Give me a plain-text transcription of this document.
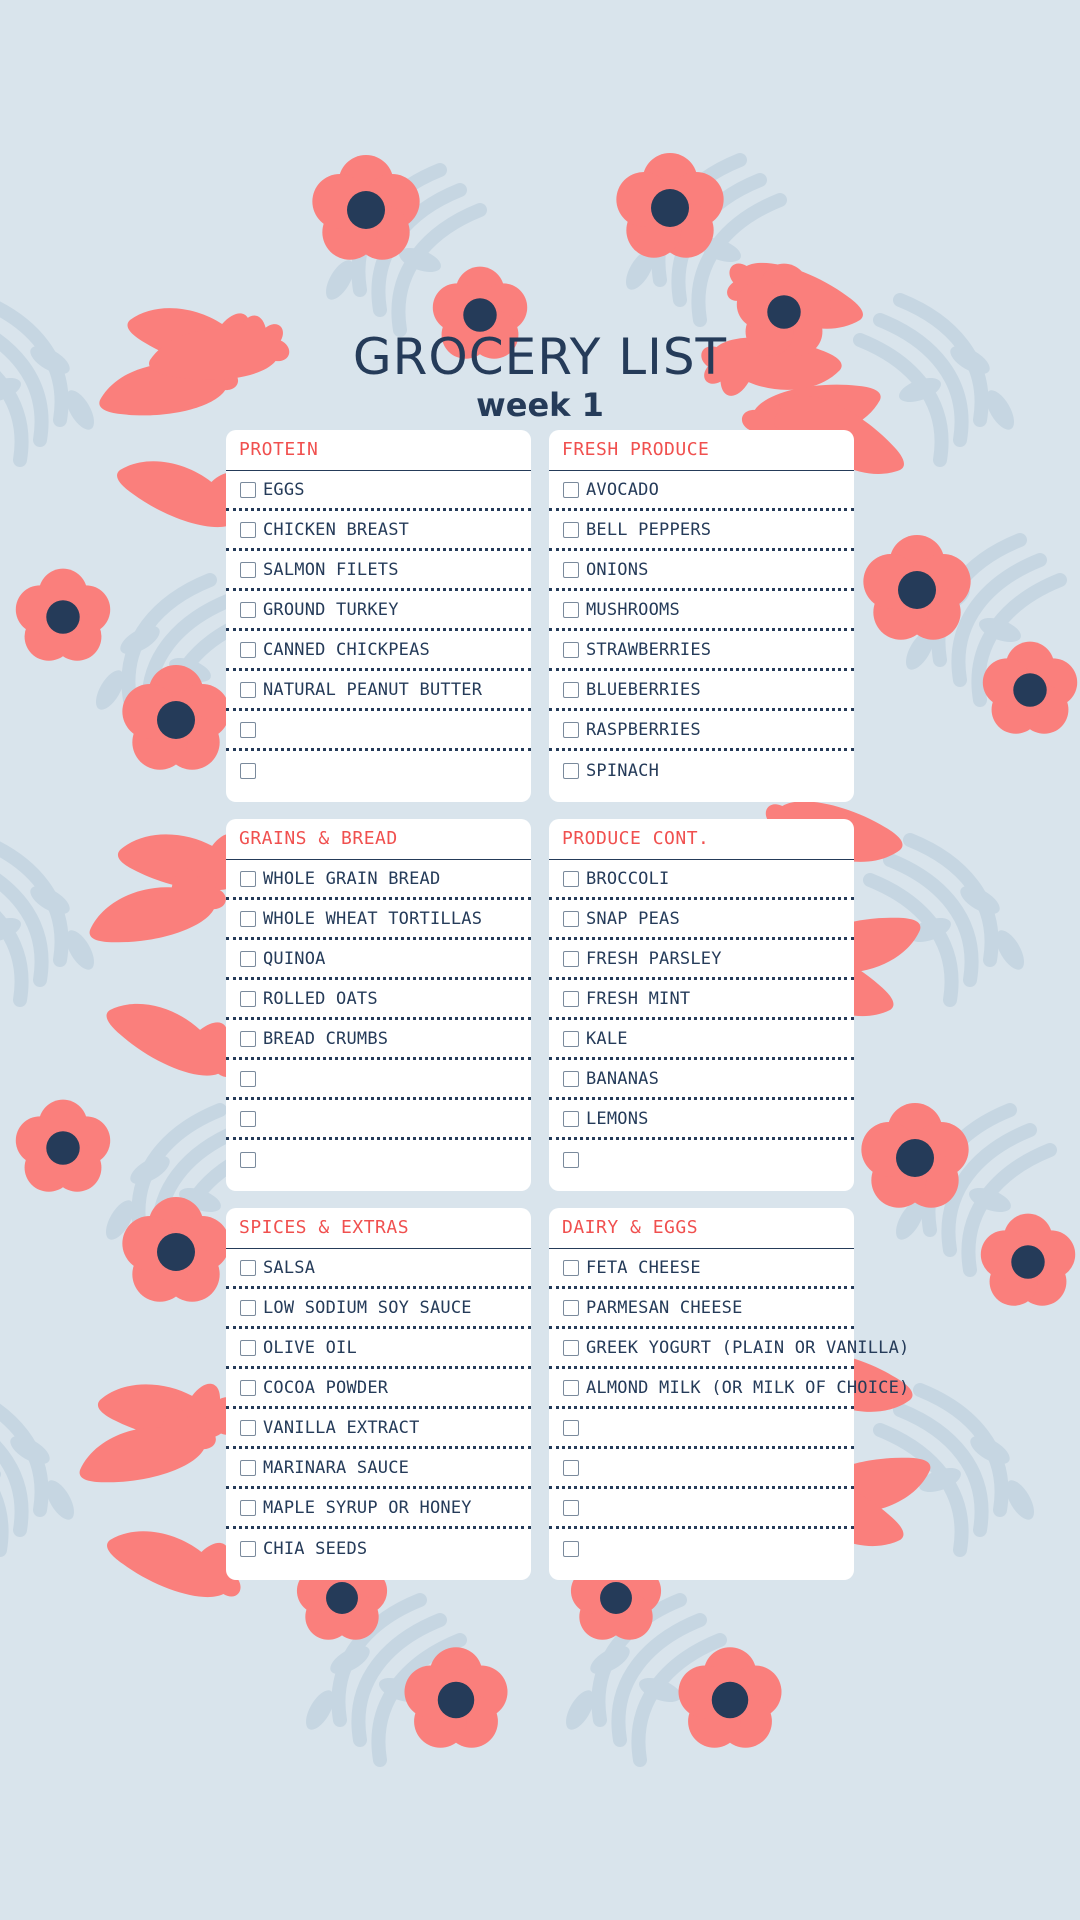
GROCERY LIST
week 1
PROTEIN
EGGS
CHICKEN BREAST
SALMON FILETS
GROUND TURKEY
CANNED CHICKPEAS
NATURAL PEANUT BUTTER
FRESH PRODUCE
AVOCADO
BELL PEPPERS
ONIONS
MUSHROOMS
STRAWBERRIES
BLUEBERRIES
RASPBERRIES
SPINACH
GRAINS & BREAD
WHOLE GRAIN BREAD
WHOLE WHEAT TORTILLAS
QUINOA
ROLLED OATS
BREAD CRUMBS
PRODUCE CONT.
BROCCOLI
SNAP PEAS
FRESH PARSLEY
FRESH MINT
KALE
BANANAS
LEMONS
SPICES & EXTRAS
SALSA
LOW SODIUM SOY SAUCE
OLIVE OIL
COCOA POWDER
VANILLA EXTRACT
MARINARA SAUCE
MAPLE SYRUP OR HONEY
CHIA SEEDS
DAIRY & EGGS
FETA CHEESE
PARMESAN CHEESE
GREEK YOGURT (PLAIN OR VANILLA)
ALMOND MILK (OR MILK OF CHOICE)
